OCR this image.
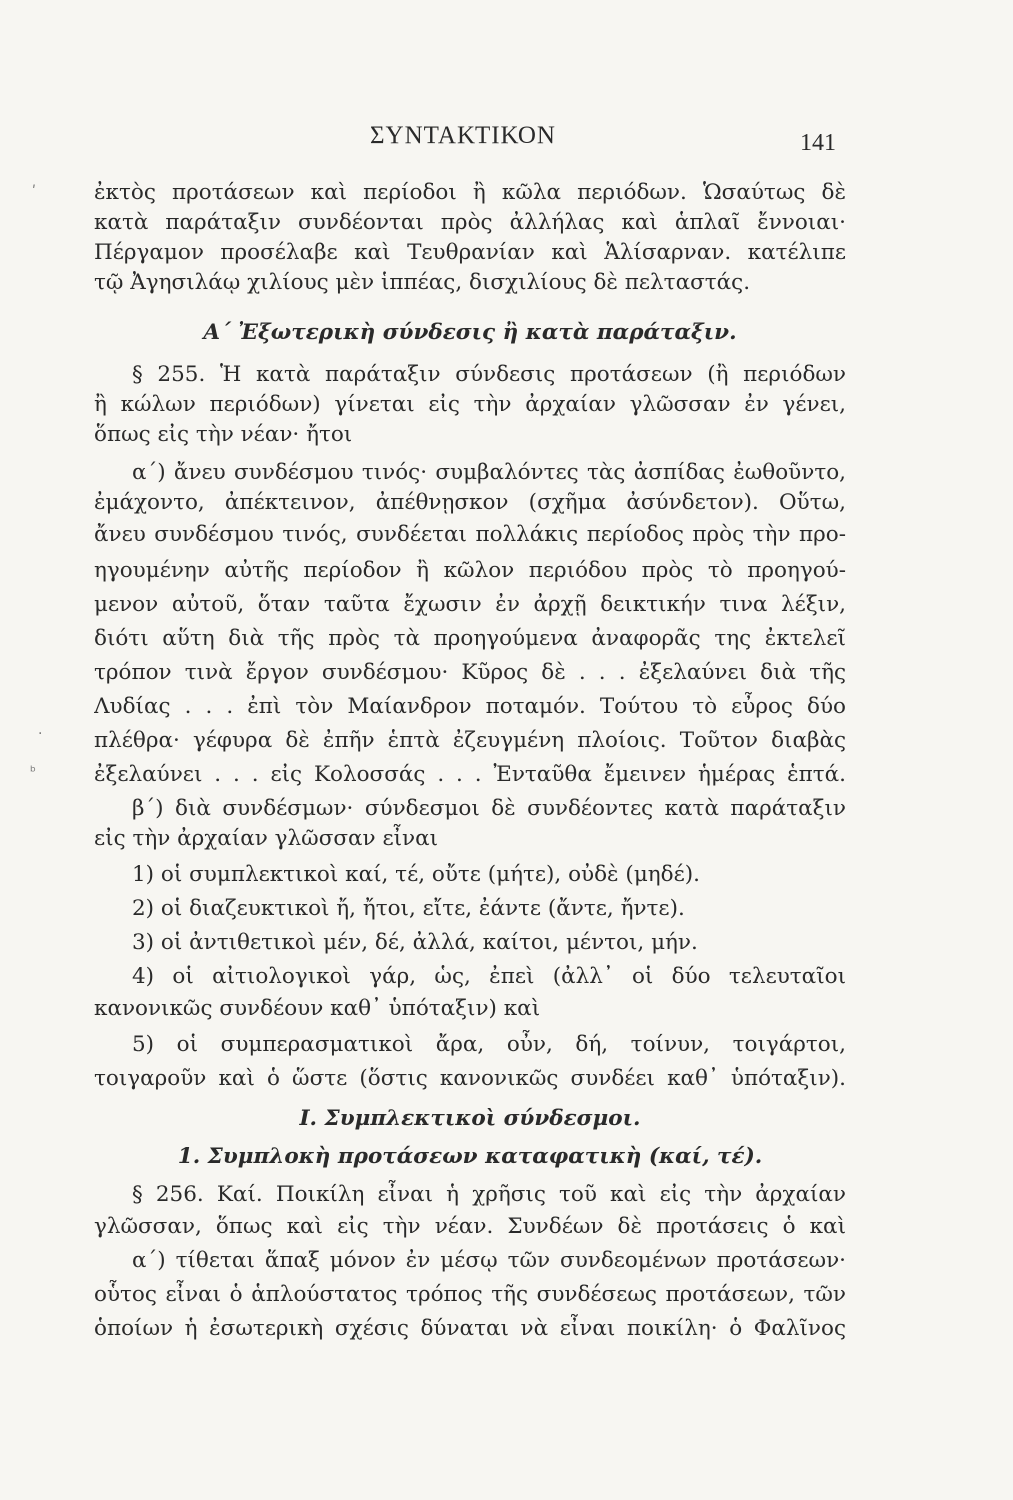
ΣΥΝΤΑΚΤΙΚΟΝ	141
ʹ
·
ᵇ
ἐκτὸς προτάσεων καὶ περίοδοι ἢ κῶλα περιόδων. Ὡσαύτως δὲ
κατὰ παράταξιν συνδέονται πρὸς ἀλλήλας καὶ ἁπλαῖ ἔννοιαι·
Πέργαμον προσέλαβε καὶ Τευθρανίαν καὶ Ἁλίσαρναν. κατέλιπε
τῷ Ἀγησιλάῳ χιλίους μὲν ἱππέας, δισχιλίους δὲ πελταστάς.
Α΄ Ἐξωτερικὴ σύνδεσις ἢ κατὰ παράταξιν.
§ 255. Ἡ κατὰ παράταξιν σύνδεσις προτάσεων (ἢ περιόδων
ἢ κώλων περιόδων) γίνεται εἰς τὴν ἀρχαίαν γλῶσσαν ἐν γένει,
ὅπως εἰς τὴν νέαν· ἤτοι
α΄) ἄνευ συνδέσμου τινός· συμβαλόντες τὰς ἀσπίδας ἐωθοῦντο,
ἐμάχοντο, ἀπέκτεινον, ἀπέθνῃσκον (σχῆμα ἀσύνδετον). Οὕτω,
ἄνευ συνδέσμου τινός, συνδέεται πολλάκις περίοδος πρὸς τὴν προ-
ηγουμένην αὐτῆς περίοδον ἢ κῶλον περιόδου πρὸς τὸ προηγού-
μενον αὐτοῦ, ὅταν ταῦτα ἔχωσιν ἐν ἀρχῇ δεικτικήν τινα λέξιν,
διότι αὕτη διὰ τῆς πρὸς τὰ προηγούμενα ἀναφορᾶς της ἐκτελεῖ
τρόπον τινὰ ἔργον συνδέσμου· Κῦρος δὲ . . . ἐξελαύνει διὰ τῆς
Λυδίας . . . ἐπὶ τὸν Μαίανδρον ποταμόν. Τούτου τὸ εὖρος δύο
πλέθρα· γέφυρα δὲ ἐπῆν ἑπτὰ ἐζευγμένη πλοίοις. Τοῦτον διαβὰς
ἐξελαύνει . . . εἰς Κολοσσάς . . . Ἐνταῦθα ἔμεινεν ἡμέρας ἑπτά.
β΄) διὰ συνδέσμων· σύνδεσμοι δὲ συνδέοντες κατὰ παράταξιν
εἰς τὴν ἀρχαίαν γλῶσσαν εἶναι
1) οἱ συμπλεκτικοὶ καί, τέ, οὔτε (μήτε), οὐδὲ (μηδέ).
2) οἱ διαζευκτικοὶ ἤ, ἤτοι, εἴτε, ἐάντε (ἄντε, ἤντε).
3) οἱ ἀντιθετικοὶ μέν, δέ, ἀλλά, καίτοι, μέντοι, μήν.
4) οἱ αἰτιολογικοὶ γάρ, ὡς, ἐπεὶ (ἀλλ᾽ οἱ δύο τελευταῖοι
κανονικῶς συνδέουν καθ᾽ ὑπόταξιν) καὶ
5) οἱ συμπερασματικοὶ ἄρα, οὖν, δή, τοίνυν, τοιγάρτοι,
τοιγαροῦν καὶ ὁ ὥστε (ὅστις κανονικῶς συνδέει καθ᾽ ὑπόταξιν).
I. Συμπλεκτικοὶ σύνδεσμοι.
1. Συμπλοκὴ προτάσεων καταφατικὴ (καί, τέ).
§ 256. Καί. Ποικίλη εἶναι ἡ χρῆσις τοῦ καὶ εἰς τὴν ἀρχαίαν
γλῶσσαν, ὅπως καὶ εἰς τὴν νέαν. Συνδέων δὲ προτάσεις ὁ καὶ
α΄) τίθεται ἅπαξ μόνον ἐν μέσῳ τῶν συνδεομένων προτάσεων·
οὗτος εἶναι ὁ ἁπλούστατος τρόπος τῆς συνδέσεως προτάσεων, τῶν
ὁποίων ἡ ἐσωτερικὴ σχέσις δύναται νὰ εἶναι ποικίλη· ὁ Φαλῖνος
